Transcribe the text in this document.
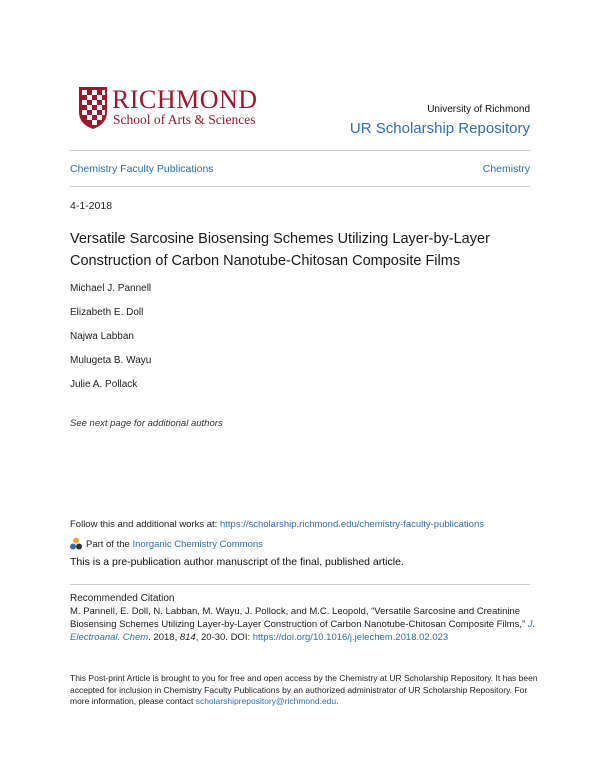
RICHMOND
School of Arts & Sciences
University of Richmond
UR Scholarship Repository
Chemistry Faculty Publications	Chemistry
4-1-2018
Versatile Sarcosine Biosensing Schemes Utilizing Layer-by-Layer Construction of Carbon Nanotube-Chitosan Composite Films
Michael J. Pannell
Elizabeth E. Doll
Najwa Labban
Mulugeta B. Wayu
Julie A. Pollack
See next page for additional authors
Follow this and additional works at: https://scholarship.richmond.edu/chemistry-faculty-publications
Part of the
Inorganic Chemistry Commons
This is a pre-publication author manuscript of the final, published article.
Recommended Citation
M. Pannell, E. Doll, N. Labban, M. Wayu, J. Pollock, and M.C. Leopold, “Versatile Sarcosine and Creatinine Biosensing Schemes Utilizing Layer-by-Layer Construction of Carbon Nanotube-Chitosan Composite Films,” J. Electroanal. Chem. 2018, 814, 20-30. DOI: https://doi.org/10.1016/j.jelechem.2018.02.023
This Post-print Article is brought to you for free and open access by the Chemistry at UR Scholarship Repository. It has been accepted for inclusion in Chemistry Faculty Publications by an authorized administrator of UR Scholarship Repository. For more information, please contact scholarshiprepository@richmond.edu.
